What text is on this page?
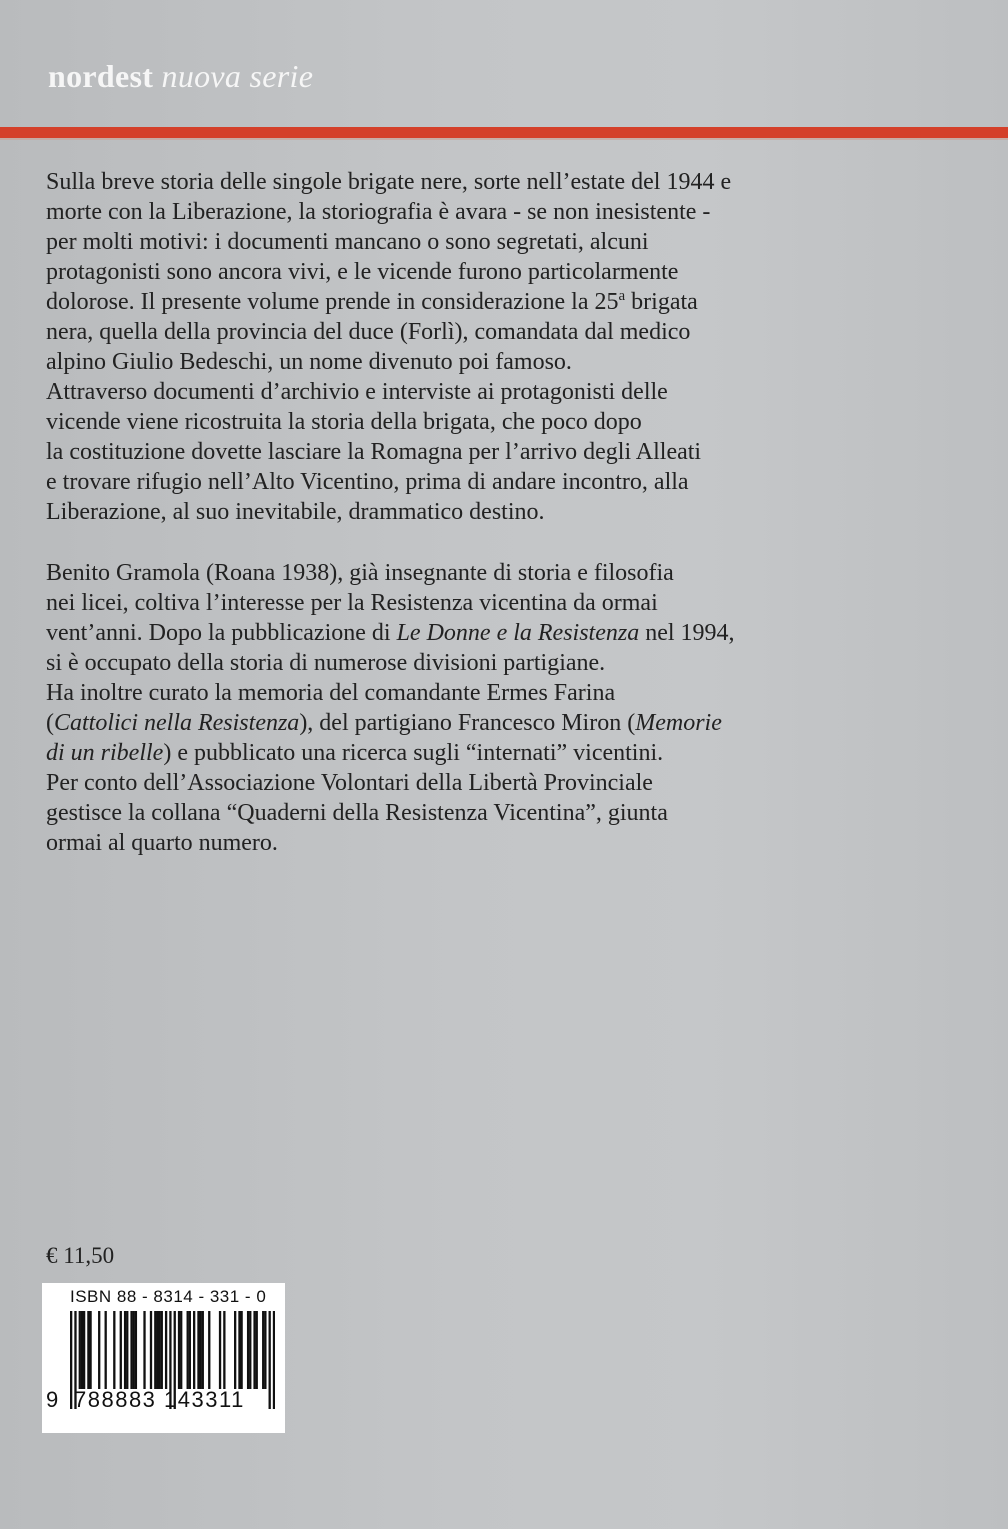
nordest nuova serie
Sulla breve storia delle singole brigate nere, sorte nell’estate del 1944 e
morte con la Liberazione, la storiografia è avara - se non inesistente -
per molti motivi: i documenti mancano o sono segretati, alcuni
protagonisti sono ancora vivi, e le vicende furono particolarmente
dolorose. Il presente volume prende in considerazione la 25$^a$ brigata
nera, quella della provincia del duce (Forlì), comandata dal medico
alpino Giulio Bedeschi, un nome divenuto poi famoso.
Attraverso documenti d’archivio e interviste ai protagonisti delle
vicende viene ricostruita la storia della brigata, che poco dopo
la costituzione dovette lasciare la Romagna per l’arrivo degli Alleati
e trovare rifugio nell’Alto Vicentino, prima di andare incontro, alla
Liberazione, al suo inevitabile, drammatico destino.
Benito Gramola (Roana 1938), già insegnante di storia e filosofia
nei licei, coltiva l’interesse per la Resistenza vicentina da ormai
vent’anni. Dopo la pubblicazione di Le Donne e la Resistenza nel 1994,
si è occupato della storia di numerose divisioni partigiane.
Ha inoltre curato la memoria del comandante Ermes Farina
(Cattolici nella Resistenza), del partigiano Francesco Miron (Memorie
di un ribelle) e pubblicato una ricerca sugli “internati” vicentini.
Per conto dell’Associazione Volontari della Libertà Provinciale
gestisce la collana “Quaderni della Resistenza Vicentina”, giunta
ormai al quarto numero.
€ 11,50
ISBN 88 - 8314 - 331 - 0
9 788883 143311
